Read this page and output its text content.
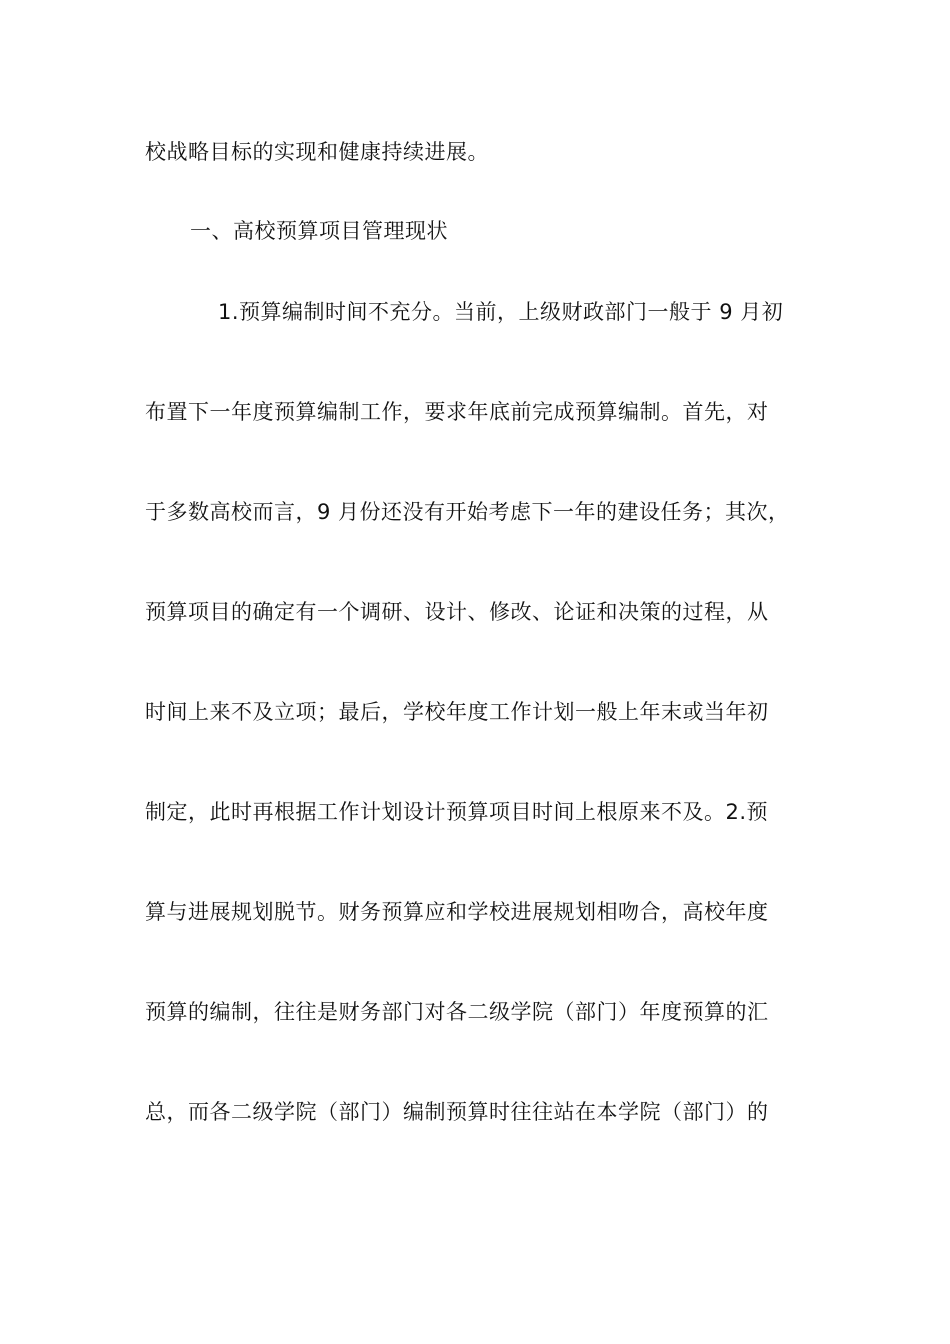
校战略目标的实现和健康持续进展。
一、高校预算项目管理现状
1.预算编制时间不充分。当前，上级财政部门一般于 9 月初
布置下一年度预算编制工作，要求年底前完成预算编制。首先，对
于多数高校而言，9 月份还没有开始考虑下一年的建设任务；其次，
预算项目的确定有一个调研、设计、修改、论证和决策的过程，从
时间上来不及立项；最后，学校年度工作计划一般上年末或当年初
制定，此时再根据工作计划设计预算项目时间上根原来不及。2.预
算与进展规划脱节。财务预算应和学校进展规划相吻合，高校年度
预算的编制，往往是财务部门对各二级学院（部门）年度预算的汇
总，而各二级学院（部门）编制预算时往往站在本学院（部门）的
